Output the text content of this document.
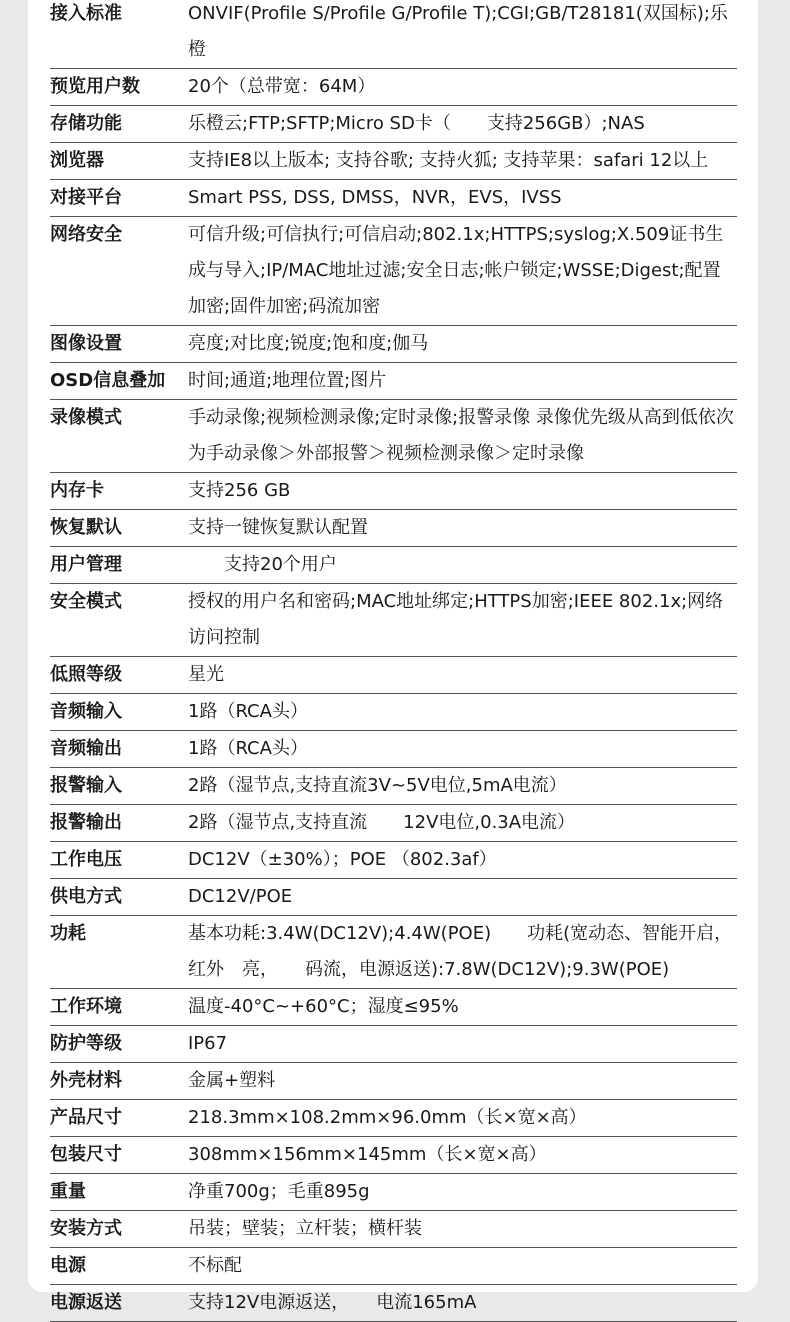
接入标准	ONVIF(Profile S/Profile G/Profile T);CGI;GB/T28181(双国标);乐橙
预览用户数	20个（总带宽：64M）
存储功能	乐橙云;FTP;SFTP;Micro SD卡（　　支持256GB）;NAS
浏览器	支持IE8以上版本; 支持谷歌; 支持火狐; 支持苹果：safari 12以上
对接平台	Smart PSS, DSS, DMSS，NVR，EVS，IVSS
网络安全	可信升级;可信执行;可信启动;802.1x;HTTPS;syslog;X.509证书生成与导入;IP/MAC地址过滤;安全日志;帐户锁定;WSSE;Digest;配置加密;固件加密;码流加密
图像设置	亮度;对比度;锐度;饱和度;伽马
OSD信息叠加	时间;通道;地理位置;图片
录像模式	手动录像;视频检测录像;定时录像;报警录像 录像优先级从高到低依次为手动录像＞外部报警＞视频检测录像＞定时录像
内存卡	支持256 GB
恢复默认	支持一键恢复默认配置
用户管理	　　支持20个用户
安全模式	授权的用户名和密码;MAC地址绑定;HTTPS加密;IEEE 802.1x;网络访问控制
低照等级	星光
音频输入	1路（RCA头）
音频输出	1路（RCA头）
报警输入	2路（湿节点,支持直流3V~5V电位,5mA电流）
报警输出	2路（湿节点,支持直流　　12V电位,0.3A电流）
工作电压	DC12V（±30%）；POE （802.3af）
供电方式	DC12V/POE
功耗	基本功耗:3.4W(DC12V);4.4W(POE)　　功耗(宽动态、智能开启，红外　亮，　　码流，电源返送):7.8W(DC12V);9.3W(POE)
工作环境	温度-40°C~+60°C；湿度≤95%
防护等级	IP67
外壳材料	金属+塑料
产品尺寸	218.3mm×108.2mm×96.0mm（长×宽×高）
包装尺寸	308mm×156mm×145mm（长×宽×高）
重量	净重700g；毛重895g
安装方式	吊装；壁装；立杆装；横杆装
电源	不标配
电源返送	支持12V电源返送，　　电流165mA
